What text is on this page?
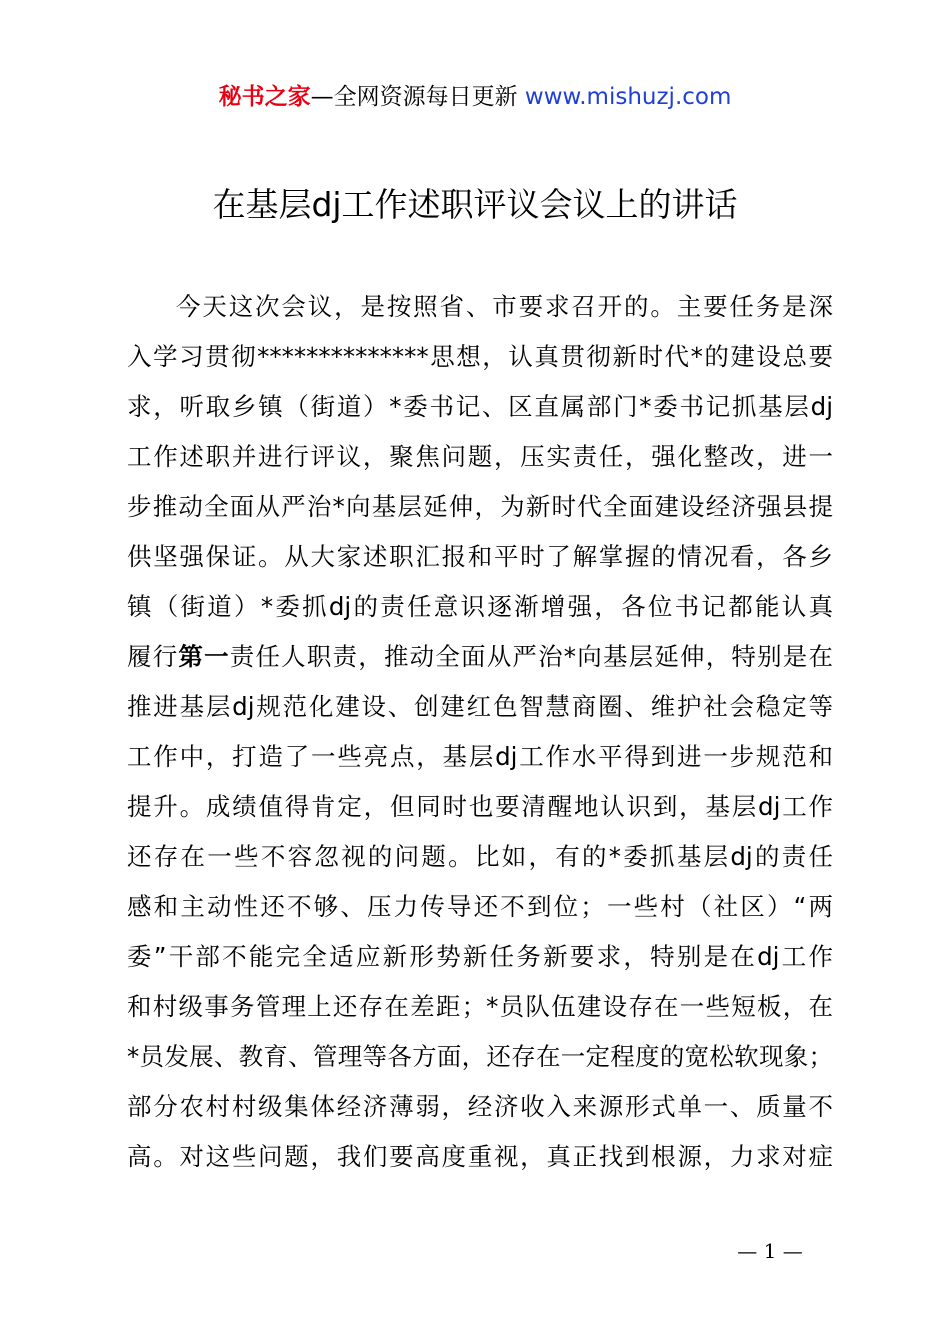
秘书之家—全网资源每日更新 www.mishuzj.com
在基层dj工作述职评议会议上的讲话
今天这次会议，是按照省、市要求召开的。主要任务是深
入学习贯彻**************思想，认真贯彻新时代*的建设总要
求，听取乡镇（街道）*委书记、区直属部门*委书记抓基层dj
工作述职并进行评议，聚焦问题，压实责任，强化整改，进一
步推动全面从严治*向基层延伸，为新时代全面建设经济强县提
供坚强保证。从大家述职汇报和平时了解掌握的情况看，各乡
镇（街道）*委抓dj的责任意识逐渐增强，各位书记都能认真
履行第一责任人职责，推动全面从严治*向基层延伸，特别是在
推进基层dj规范化建设、创建红色智慧商圈、维护社会稳定等
工作中，打造了一些亮点，基层dj工作水平得到进一步规范和
提升。成绩值得肯定，但同时也要清醒地认识到，基层dj工作
还存在一些不容忽视的问题。比如，有的*委抓基层dj的责任
感和主动性还不够、压力传导还不到位；一些村（社区）“两
委”干部不能完全适应新形势新任务新要求，特别是在dj工作
和村级事务管理上还存在差距；*员队伍建设存在一些短板，在
*员发展、教育、管理等各方面，还存在一定程度的宽松软现象；
部分农村村级集体经济薄弱，经济收入来源形式单一、质量不
高。对这些问题，我们要高度重视，真正找到根源，力求对症
— 1 —
